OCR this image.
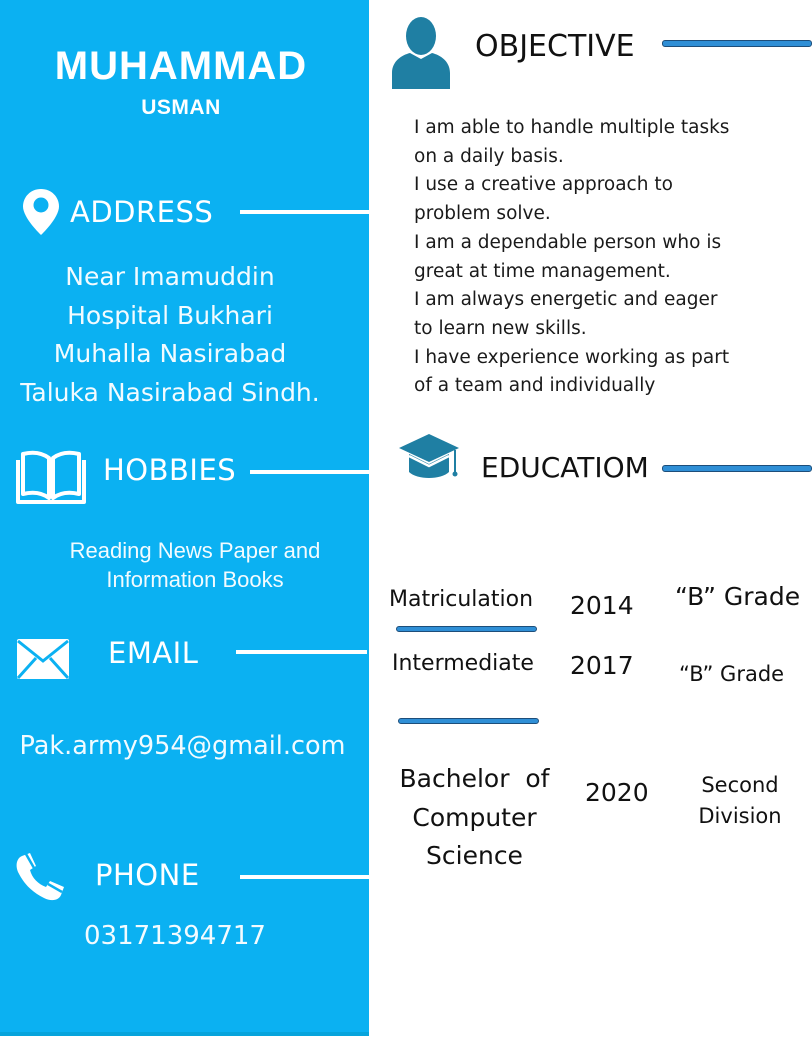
MUHAMMAD
USMAN
ADDRESS
Near Imamuddin
Hospital Bukhari
Muhalla Nasirabad
Taluka Nasirabad Sindh.
HOBBIES
Reading News Paper and
Information Books
EMAIL
Pak.army954@gmail.com
PHONE
03171394717
OBJECTIVE
I am able to handle multiple tasks
on a daily basis.
I use a creative approach to
problem solve.
I am a dependable person who is
great at time management.
I am always energetic and eager
to learn new skills.
I have experience working as part
of a team and individually
EDUCATIOM
Matriculation 2014 “B” Grade
Intermediate 2017 “B” Grade
Bachelor  of
Computer
Science
2020	Second
Division
